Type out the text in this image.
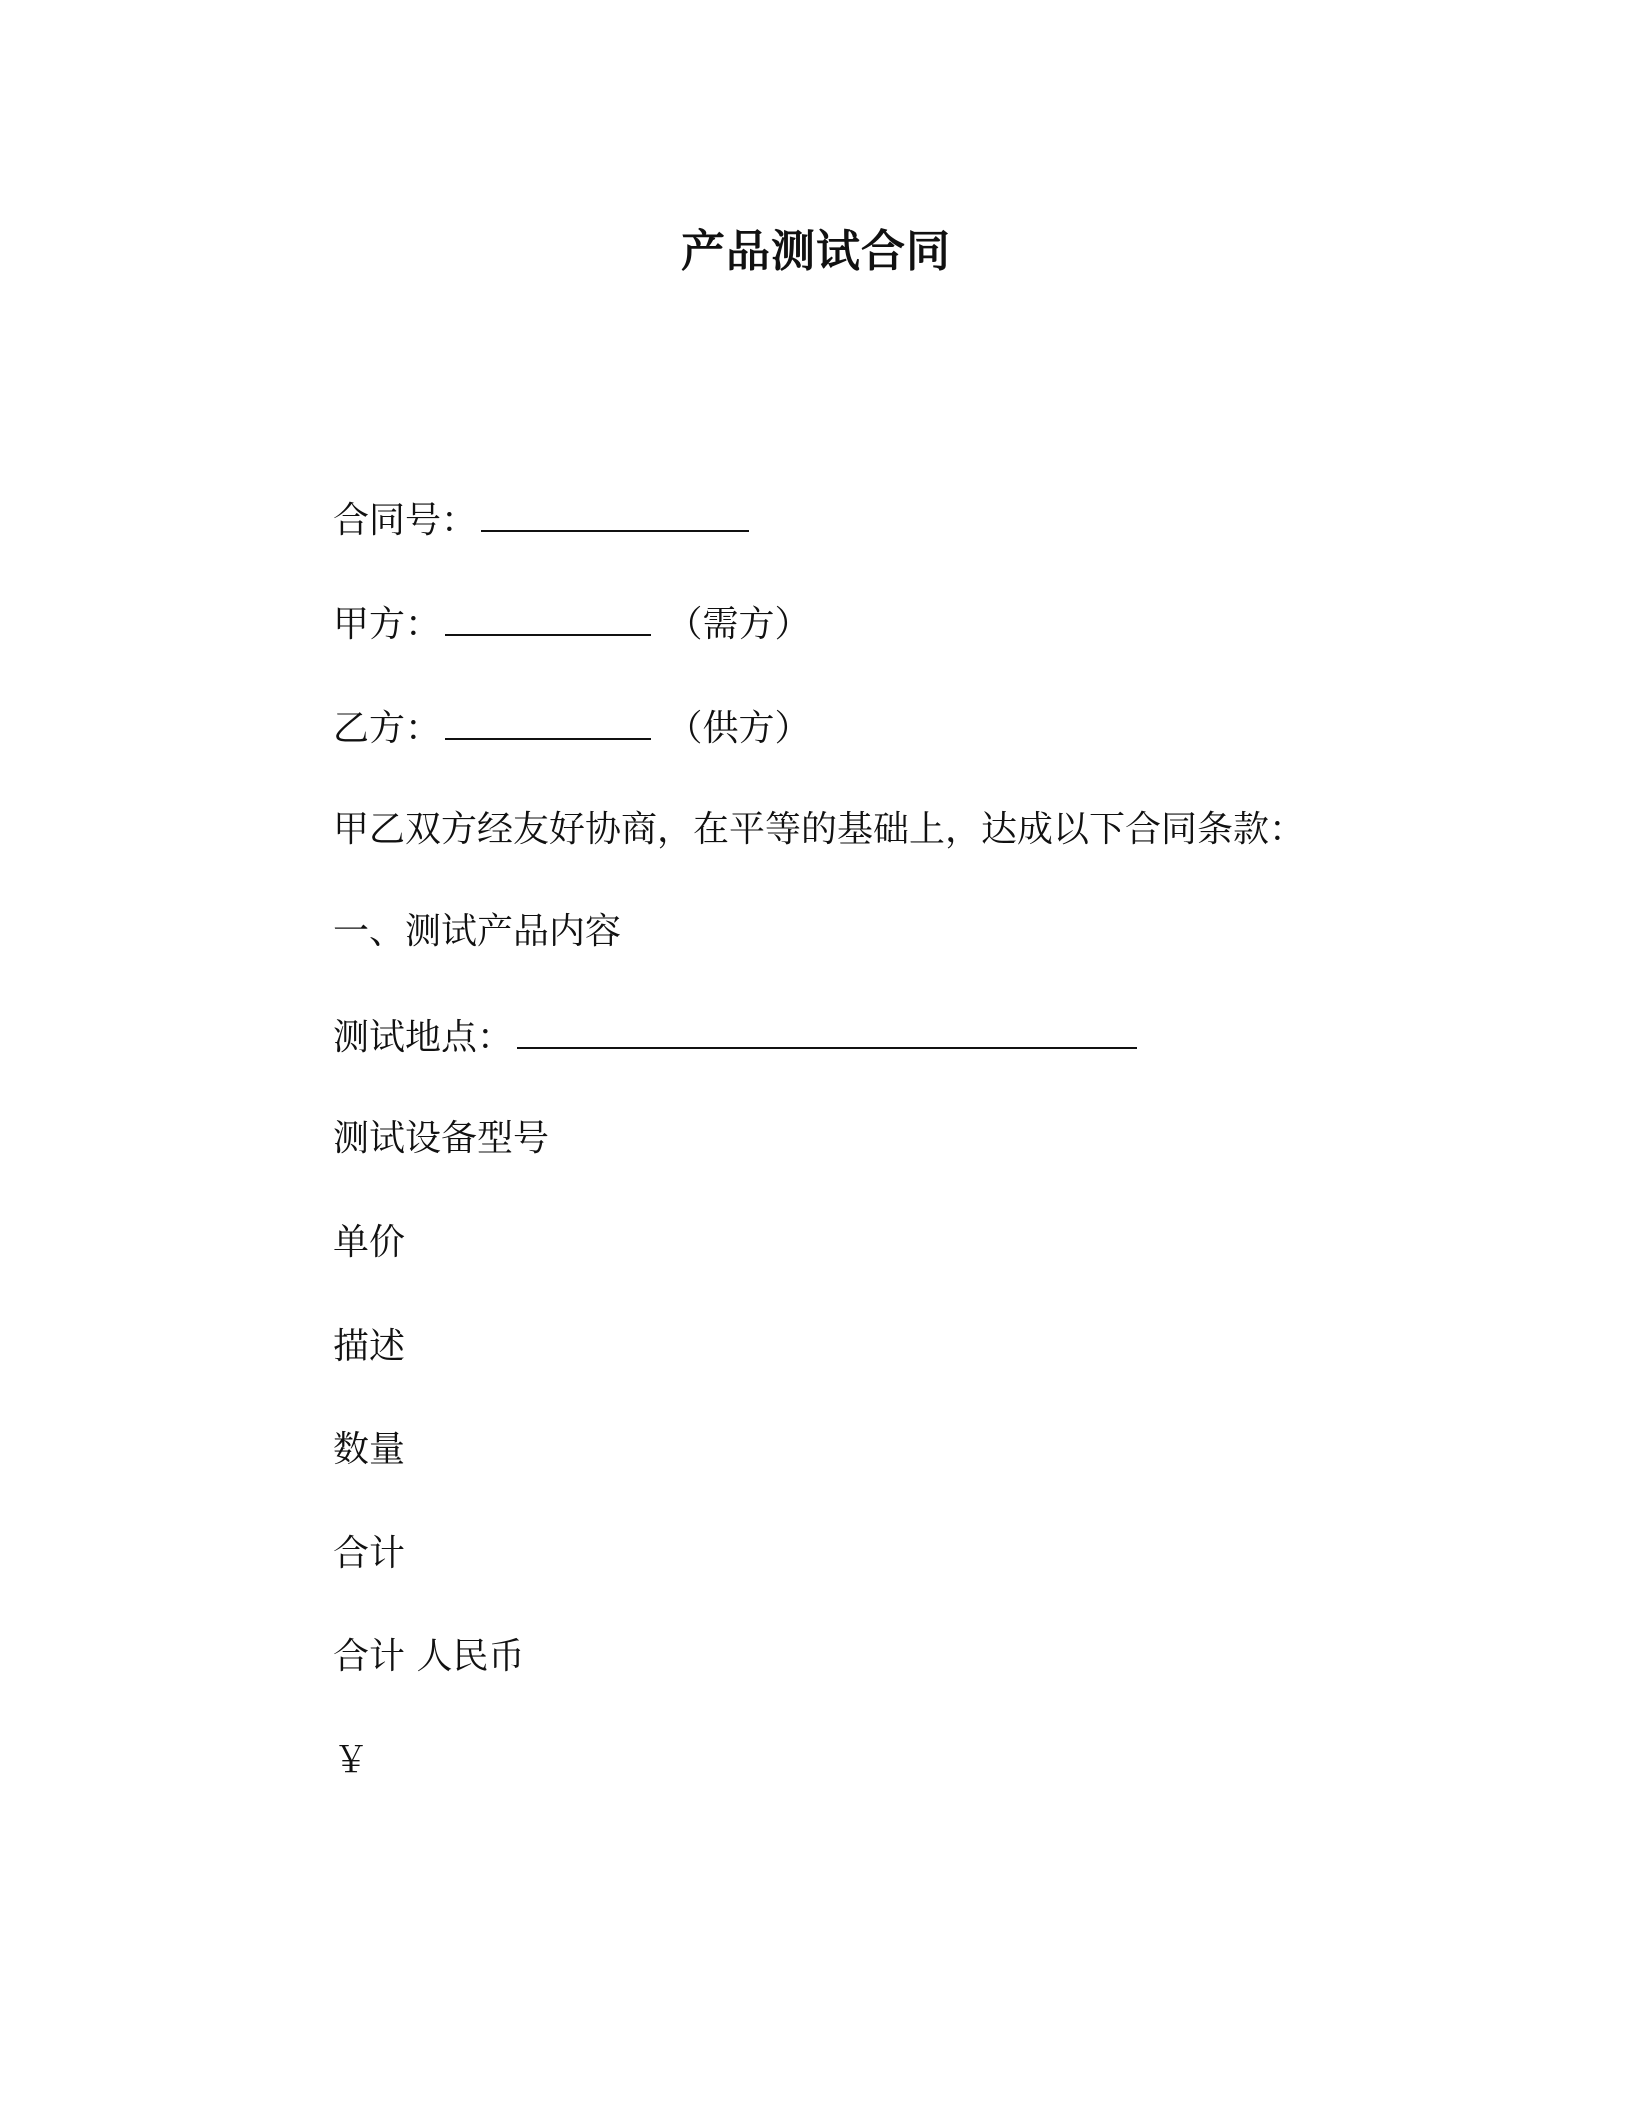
产品测试合同
合同号：
甲方：	（需方）
乙方：	（供方）
甲乙双方经友好协商，在平等的基础上，达成以下合同条款：
一、测试产品内容
测试地点：
测试设备型号
单价
描述
数量
合计
合计 人民币
￥
